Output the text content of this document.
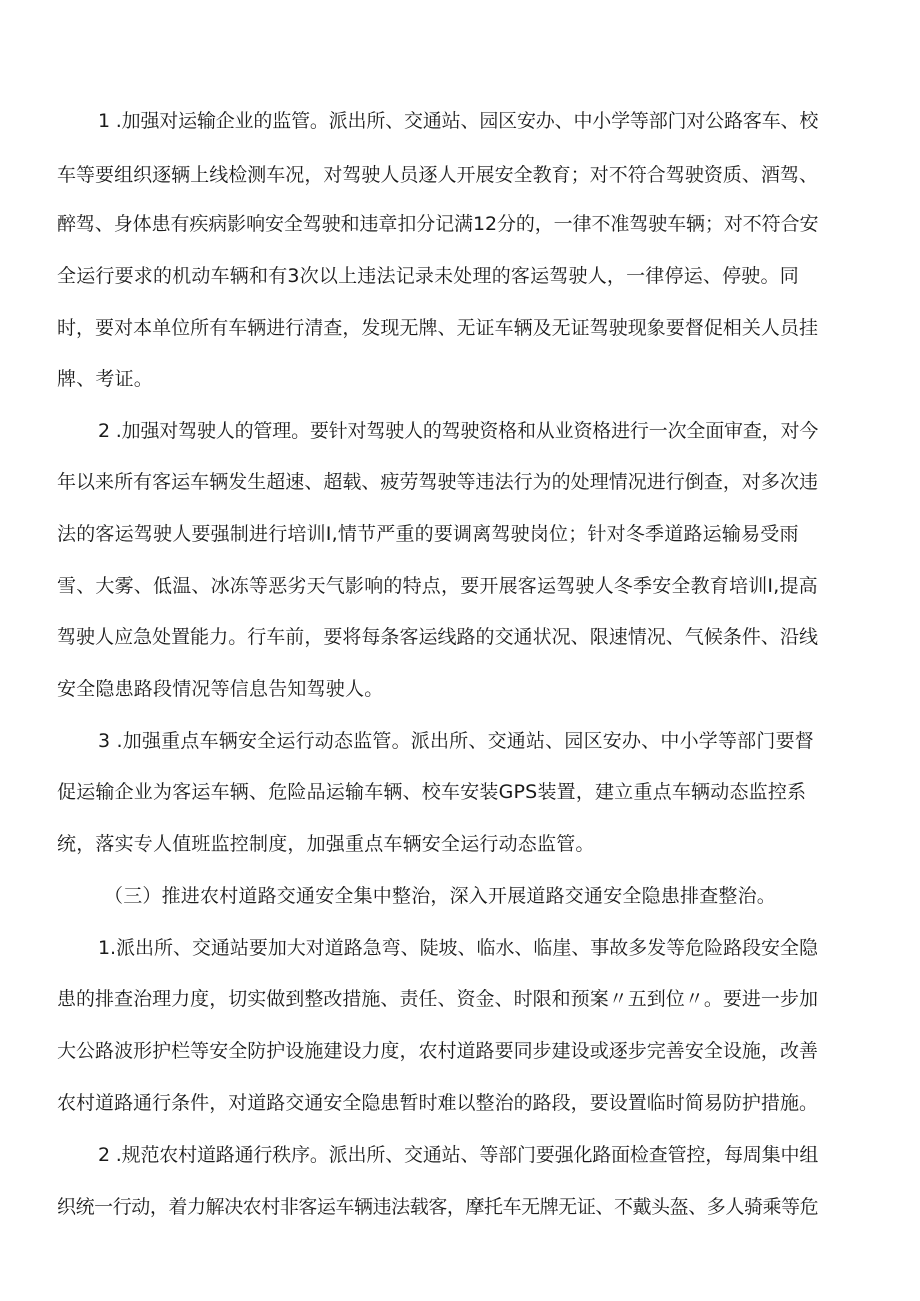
1 .加强对运输企业的监管。派出所、交通站、园区安办、中小学等部门对公路客车、校
车等要组织逐辆上线检测车况，对驾驶人员逐人开展安全教育；对不符合驾驶资质、酒驾、
醉驾、身体患有疾病影响安全驾驶和违章扣分记满12分的，一律不准驾驶车辆；对不符合安
全运行要求的机动车辆和有3次以上违法记录未处理的客运驾驶人，一律停运、停驶。同
时，要对本单位所有车辆进行清查，发现无牌、无证车辆及无证驾驶现象要督促相关人员挂
牌、考证。
2 .加强对驾驶人的管理。要针对驾驶人的驾驶资格和从业资格进行一次全面审查，对今
年以来所有客运车辆发生超速、超载、疲劳驾驶等违法行为的处理情况进行倒查，对多次违
法的客运驾驶人要强制进行培训I,情节严重的要调离驾驶岗位；针对冬季道路运输易受雨
雪、大雾、低温、冰冻等恶劣天气影响的特点，要开展客运驾驶人冬季安全教育培训I,提高
驾驶人应急处置能力。行车前，要将每条客运线路的交通状况、限速情况、气候条件、沿线
安全隐患路段情况等信息告知驾驶人。
3 .加强重点车辆安全运行动态监管。派出所、交通站、园区安办、中小学等部门要督
促运输企业为客运车辆、危险品运输车辆、校车安装GPS装置，建立重点车辆动态监控系
统，落实专人值班监控制度，加强重点车辆安全运行动态监管。
（三）推进农村道路交通安全集中整治，深入开展道路交通安全隐患排查整治。
1.派出所、交通站要加大对道路急弯、陡坡、临水、临崖、事故多发等危险路段安全隐
患的排查治理力度，切实做到整改措施、责任、资金、时限和预案〃五到位〃。要进一步加
大公路波形护栏等安全防护设施建设力度，农村道路要同步建设或逐步完善安全设施，改善
农村道路通行条件，对道路交通安全隐患暂时难以整治的路段，要设置临时简易防护措施。
2 .规范农村道路通行秩序。派出所、交通站、等部门要强化路面检查管控，每周集中组
织统一行动，着力解决农村非客运车辆违法载客，摩托车无牌无证、不戴头盔、多人骑乘等危
